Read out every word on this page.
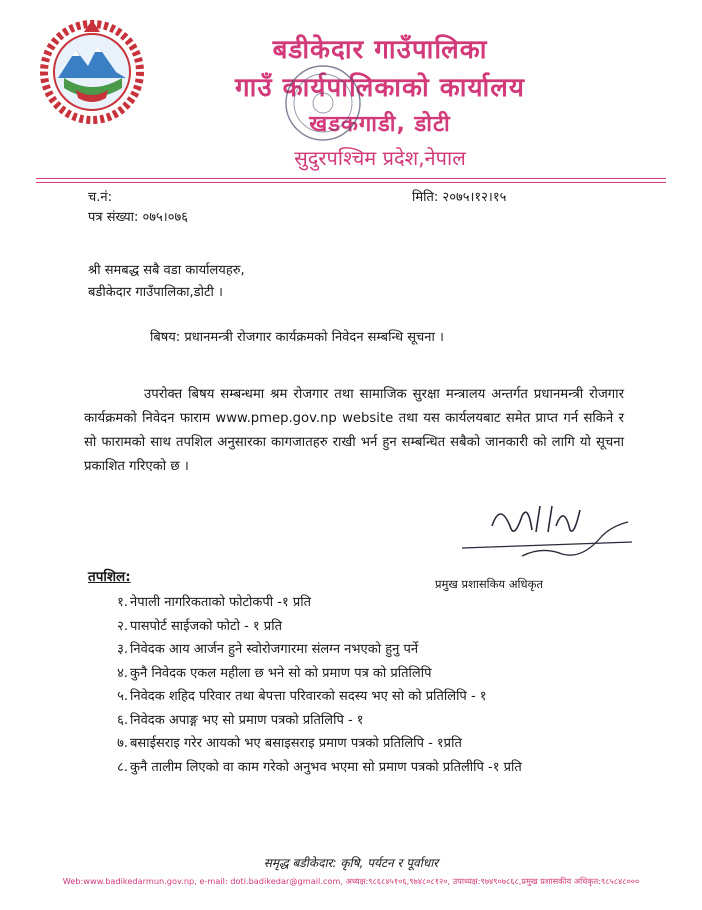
बडीकेदार गाउँपालिका
गाउँ कार्यपालिकाको कार्यालय
खडकगाडी, डोटी
सुदुरपश्चिम प्रदेश,नेपाल
च.नं:	मिति: २०७५।१२।१५
पत्र संख्या: ०७५।०७६
श्री समबद्ध सबै वडा कार्यालयहरु,
बडीकेदार गाउँपालिका,डोटी ।
बिषय: प्रधानमन्त्री रोजगार कार्यक्रमको निवेदन सम्बन्धि सूचना ।
उपरोक्त बिषय सम्बन्धमा श्रम रोजगार तथा सामाजिक सुरक्षा मन्त्रालय अन्तर्गत प्रधानमन्त्री रोजगार कार्यक्रमको निवेदन फाराम www.pmep.gov.np website तथा यस कार्यलयबाट समेत प्राप्त गर्न सकिने र सो फारामको साथ तपशिल अनुसारका कागजातहरु राखी भर्न हुन सम्बन्धित सबैको जानकारी को लागि यो सूचना प्रकाशित गरिएको छ ।
प्रमुख प्रशासकिय अधिकृत
तपशिल:
१. नेपाली नागरिकताको फोटोकपी -१ प्रति
२. पासपोर्ट साईजको फोटो - १ प्रति
३. निवेदक आय आर्जन हुने स्वोरोजगारमा संलग्न नभएको हुनु पर्ने
४. कुनै निवेदक एकल महीला छ भने सो को प्रमाण पत्र को प्रतिलिपि
५. निवेदक शहिद परिवार तथा बेपत्ता परिवारको सदस्य भए सो को प्रतिलिपि - १
६. निवेदक अपाङ्ग भए सो प्रमाण पत्रको प्रतिलिपि - १
७. बसाईसराइ गरेर आयको भए बसाइसराइ प्रमाण पत्रको प्रतिलिपि - १प्रति
८. कुनै तालीम लिएको वा काम गरेको अनुभव भएमा सो प्रमाण पत्रको प्रतिलीपि -१ प्रति
समृद्ध बडीकेदार: कृषि, पर्यटन र पूर्वाधार
Web:www.badikedarmun.gov.np, e-mail: doti.badikedar@gmail.com, अध्यक्ष:९८६८४५१०६,९७४८०८१२०, उपाध्यक्ष:९७४९०७८६८,प्रमुख प्रशासकीय अधिकृत:९८५८४८०००
